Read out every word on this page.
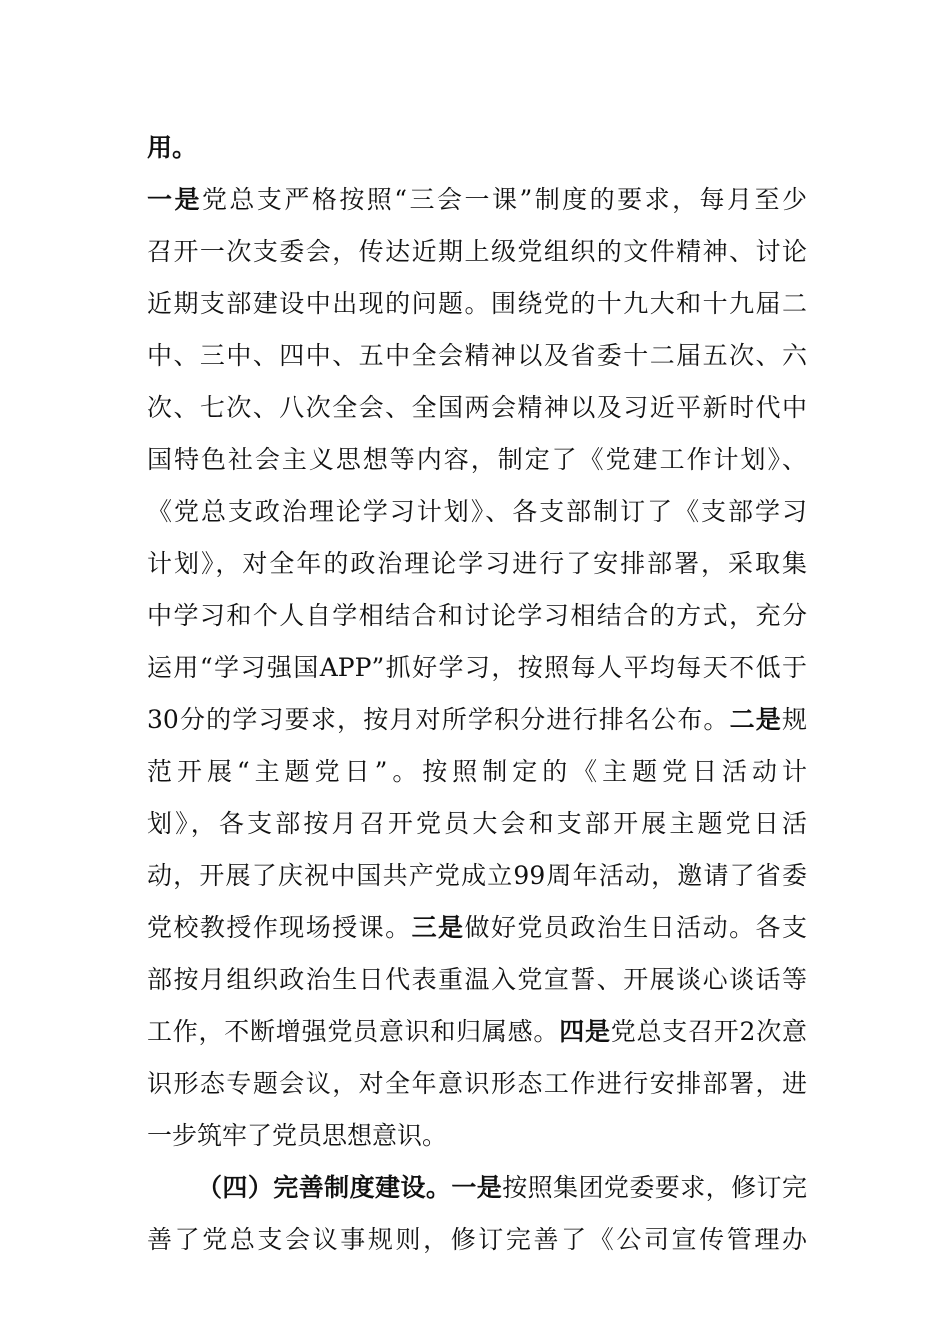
用。
一是党总支严格按照“三会一课”制度的要求，每月至少
召开一次支委会，传达近期上级党组织的文件精神、讨论
近期支部建设中出现的问题。围绕党的十九大和十九届二
中、三中、四中、五中全会精神以及省委十二届五次、六
次、七次、八次全会、全国两会精神以及习近平新时代中
国特色社会主义思想等内容，制定了《党建工作计划》、
《党总支政治理论学习计划》、各支部制订了《支部学习
计划》，对全年的政治理论学习进行了安排部署，采取集
中学习和个人自学相结合和讨论学习相结合的方式，充分
运用“学习强国APP”抓好学习，按照每人平均每天不低于
30分的学习要求，按月对所学积分进行排名公布。二是规
范开展“主题党日”。按照制定的《主题党日活动计
划》，各支部按月召开党员大会和支部开展主题党日活
动，开展了庆祝中国共产党成立99周年活动，邀请了省委
党校教授作现场授课。三是做好党员政治生日活动。各支
部按月组织政治生日代表重温入党宣誓、开展谈心谈话等
工作，不断增强党员意识和归属感。四是党总支召开2次意
识形态专题会议，对全年意识形态工作进行安排部署，进
一步筑牢了党员思想意识。
（四）完善制度建设。一是按照集团党委要求，修订完
善了党总支会议事规则，修订完善了《公司宣传管理办
